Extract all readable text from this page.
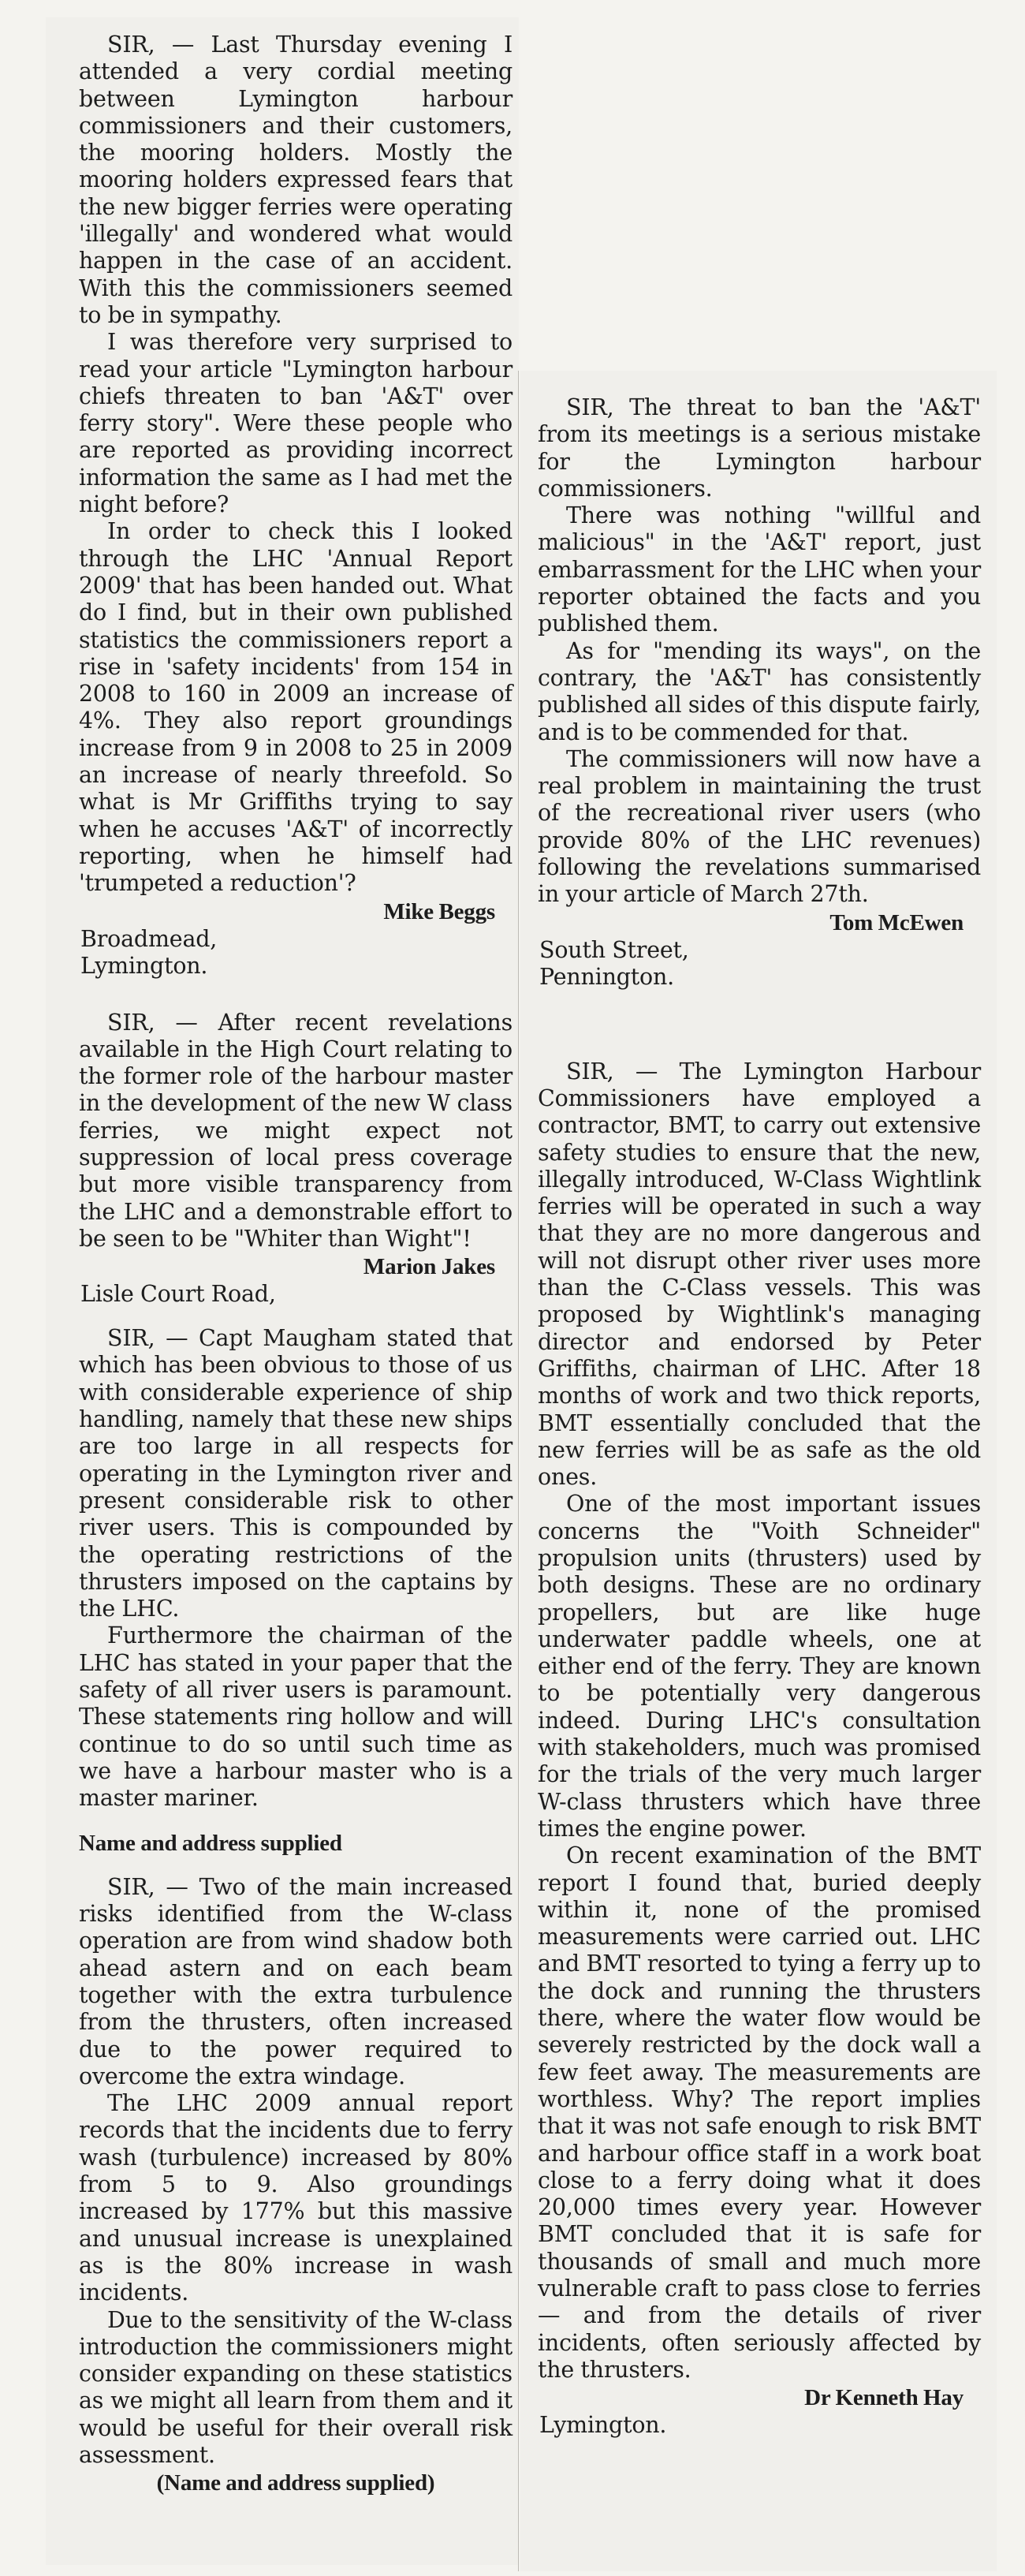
SIR, — Last Thursday evening I attended a very cordial meeting between Lymington harbour commissioners and their customers, the mooring holders. Mostly the mooring holders expressed fears that the new bigger ferries were operating 'illegally' and wondered what would happen in the case of an accident. With this the commissioners seemed to be in sympathy.

I was therefore very surprised to read your article "Lymington harbour chiefs threaten to ban 'A&T' over ferry story". Were these people who are reported as providing incorrect information the same as I had met the night before?

In order to check this I looked through the LHC 'Annual Report 2009' that has been handed out. What do I find, but in their own published statistics the commissioners report a rise in 'safety incidents' from 154 in 2008 to 160 in 2009 an increase of 4%. They also report groundings increase from 9 in 2008 to 25 in 2009 an increase of nearly threefold. So what is Mr Griffiths trying to say when he accuses 'A&T' of incorrectly reporting, when he himself had 'trumpeted a reduction'?

Mike Beggs
Broadmead,
Lymington.

SIR, — After recent revelations available in the High Court relating to the former role of the harbour master in the development of the new W class ferries, we might expect not suppression of local press coverage but more visible transparency from the LHC and a demonstrable effort to be seen to be "Whiter than Wight"!

Marion Jakes
Lisle Court Road,

SIR, — Capt Maugham stated that which has been obvious to those of us with considerable experience of ship handling, namely that these new ships are too large in all respects for operating in the Lymington river and present considerable risk to other river users. This is compounded by the operating restrictions of the thrusters imposed on the captains by the LHC.

Furthermore the chairman of the LHC has stated in your paper that the safety of all river users is paramount. These statements ring hollow and will continue to do so until such time as we have a harbour master who is a master mariner.

Name and address supplied

SIR, — Two of the main increased risks identified from the W-class operation are from wind shadow both ahead astern and on each beam together with the extra turbulence from the thrusters, often increased due to the power required to overcome the extra windage.

The LHC 2009 annual report records that the incidents due to ferry wash (turbulence) increased by 80% from 5 to 9. Also groundings increased by 177% but this massive and unusual increase is unexplained as is the 80% increase in wash incidents.

Due to the sensitivity of the W-class introduction the commissioners might consider expanding on these statistics as we might all learn from them and it would be useful for their overall risk assessment.

(Name and address supplied)

SIR, The threat to ban the 'A&T' from its meetings is a serious mistake for the Lymington harbour commissioners.

There was nothing "willful and malicious" in the 'A&T' report, just embarrassment for the LHC when your reporter obtained the facts and you published them.

As for "mending its ways", on the contrary, the 'A&T' has consistently published all sides of this dispute fairly, and is to be commended for that.

The commissioners will now have a real problem in maintaining the trust of the recreational river users (who provide 80% of the LHC revenues) following the revelations summarised in your article of March 27th.

Tom McEwen
South Street,
Pennington.

SIR, — The Lymington Harbour Commissioners have employed a contractor, BMT, to carry out extensive safety studies to ensure that the new, illegally introduced, W-Class Wightlink ferries will be operated in such a way that they are no more dangerous and will not disrupt other river uses more than the C-Class vessels. This was proposed by Wightlink's managing director and endorsed by Peter Griffiths, chairman of LHC. After 18 months of work and two thick reports, BMT essentially concluded that the new ferries will be as safe as the old ones.

One of the most important issues concerns the "Voith Schneider" propulsion units (thrusters) used by both designs. These are no ordinary propellers, but are like huge underwater paddle wheels, one at either end of the ferry. They are known to be potentially very dangerous indeed. During LHC's consultation with stakeholders, much was promised for the trials of the very much larger W-class thrusters which have three times the engine power.

On recent examination of the BMT report I found that, buried deeply within it, none of the promised measurements were carried out. LHC and BMT resorted to tying a ferry up to the dock and running the thrusters there, where the water flow would be severely restricted by the dock wall a few feet away. The measurements are worthless. Why? The report implies that it was not safe enough to risk BMT and harbour office staff in a work boat close to a ferry doing what it does 20,000 times every year. However BMT concluded that it is safe for thousands of small and much more vulnerable craft to pass close to ferries — and from the details of river incidents, often seriously affected by the thrusters.

Dr Kenneth Hay
Lymington.
